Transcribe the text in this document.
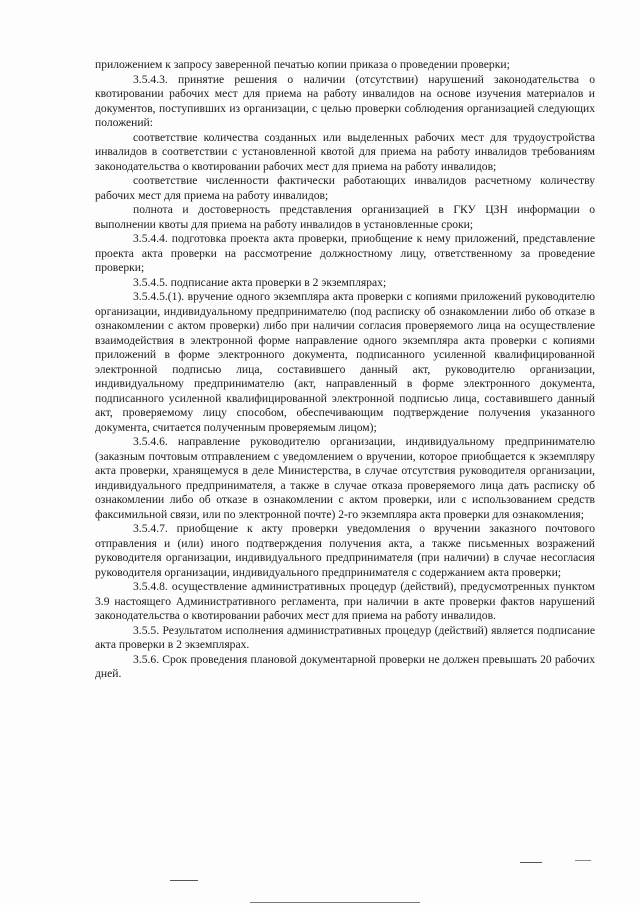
приложением к запросу заверенной печатью копии приказа о проведении проверки;

3.5.4.3. принятие решения о наличии (отсутствии) нарушений законодательства о квотировании рабочих мест для приема на работу инвалидов на основе изучения материалов и документов, поступивших из организации, с целью проверки соблюдения организацией следующих положений:

соответствие количества созданных или выделенных рабочих мест для трудоустройства инвалидов в соответствии с установленной квотой для приема на работу инвалидов требованиям законодательства о квотировании рабочих мест для приема на работу инвалидов;

соответствие численности фактически работающих инвалидов расчетному количеству рабочих мест для приема на работу инвалидов;

полнота и достоверность представления организацией в ГКУ ЦЗН информации о выполнении квоты для приема на работу инвалидов в установленные сроки;

3.5.4.4. подготовка проекта акта проверки, приобщение к нему приложений, представление проекта акта проверки на рассмотрение должностному лицу, ответственному за проведение проверки;

3.5.4.5. подписание акта проверки в 2 экземплярах;

3.5.4.5.(1). вручение одного экземпляра акта проверки с копиями приложений руководителю организации, индивидуальному предпринимателю (под расписку об ознакомлении либо об отказе в ознакомлении с актом проверки) либо при наличии согласия проверяемого лица на осуществление взаимодействия в электронной форме направление одного экземпляра акта проверки с копиями приложений в форме электронного документа, подписанного усиленной квалифицированной электронной подписью лица, составившего данный акт, руководителю организации, индивидуальному предпринимателю (акт, направленный в форме электронного документа, подписанного усиленной квалифицированной электронной подписью лица, составившего данный акт, проверяемому лицу способом, обеспечивающим подтверждение получения указанного документа, считается полученным проверяемым лицом);

3.5.4.6. направление руководителю организации, индивидуальному предпринимателю (заказным почтовым отправлением с уведомлением о вручении, которое приобщается к экземпляру акта проверки, хранящемуся в деле Министерства, в случае отсутствия руководителя организации, индивидуального предпринимателя, а также в случае отказа проверяемого лица дать расписку об ознакомлении либо об отказе в ознакомлении с актом проверки, или с использованием средств факсимильной связи, или по электронной почте) 2-го экземпляра акта проверки для ознакомления;

3.5.4.7. приобщение к акту проверки уведомления о вручении заказного почтового отправления и (или) иного подтверждения получения акта, а также письменных возражений руководителя организации, индивидуального предпринимателя (при наличии) в случае несогласия руководителя организации, индивидуального предпринимателя с содержанием акта проверки;

3.5.4.8. осуществление административных процедур (действий), предусмотренных пунктом 3.9 настоящего Административного регламента, при наличии в акте проверки фактов нарушений законодательства о квотировании рабочих мест для приема на работу инвалидов.

3.5.5. Результатом исполнения административных процедур (действий) является подписание акта проверки в 2 экземплярах.

3.5.6. Срок проведения плановой документарной проверки не должен превышать 20 рабочих дней.
